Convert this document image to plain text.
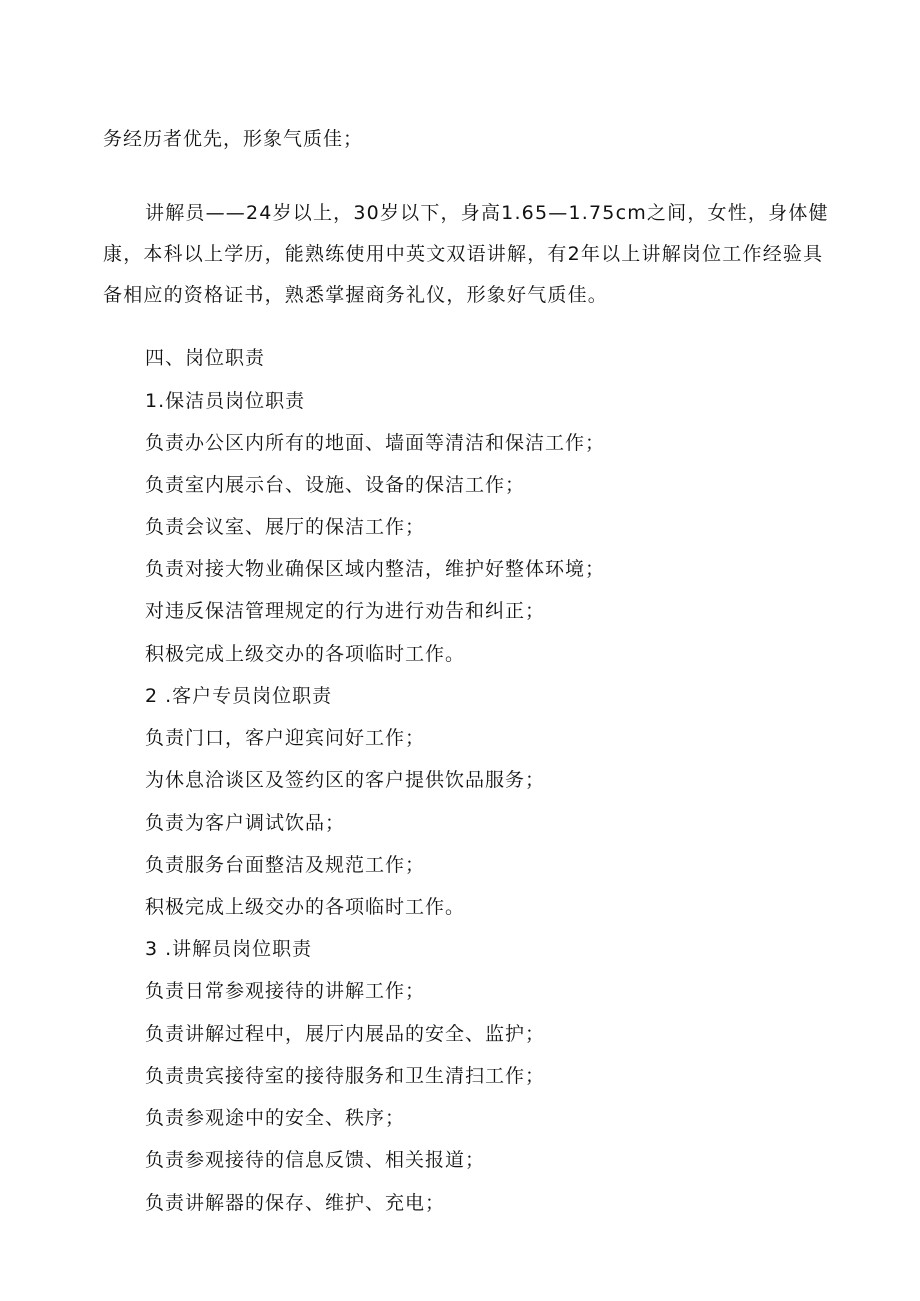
务经历者优先，形象气质佳；
讲解员——24岁以上，30岁以下，身高1.65—1.75cm之间，女性，身体健康，本科以上学历，能熟练使用中英文双语讲解，有2年以上讲解岗位工作经验具备相应的资格证书，熟悉掌握商务礼仪，形象好气质佳。
四、岗位职责
1.保洁员岗位职责
负责办公区内所有的地面、墙面等清洁和保洁工作；
负责室内展示台、设施、设备的保洁工作；
负责会议室、展厅的保洁工作；
负责对接大物业确保区域内整洁，维护好整体环境；
对违反保洁管理规定的行为进行劝告和纠正；
积极完成上级交办的各项临时工作。
2 .客户专员岗位职责
负责门口，客户迎宾问好工作；
为休息洽谈区及签约区的客户提供饮品服务；
负责为客户调试饮品；
负责服务台面整洁及规范工作；
积极完成上级交办的各项临时工作。
3 .讲解员岗位职责
负责日常参观接待的讲解工作；
负责讲解过程中，展厅内展品的安全、监护；
负责贵宾接待室的接待服务和卫生清扫工作；
负责参观途中的安全、秩序；
负责参观接待的信息反馈、相关报道；
负责讲解器的保存、维护、充电；
